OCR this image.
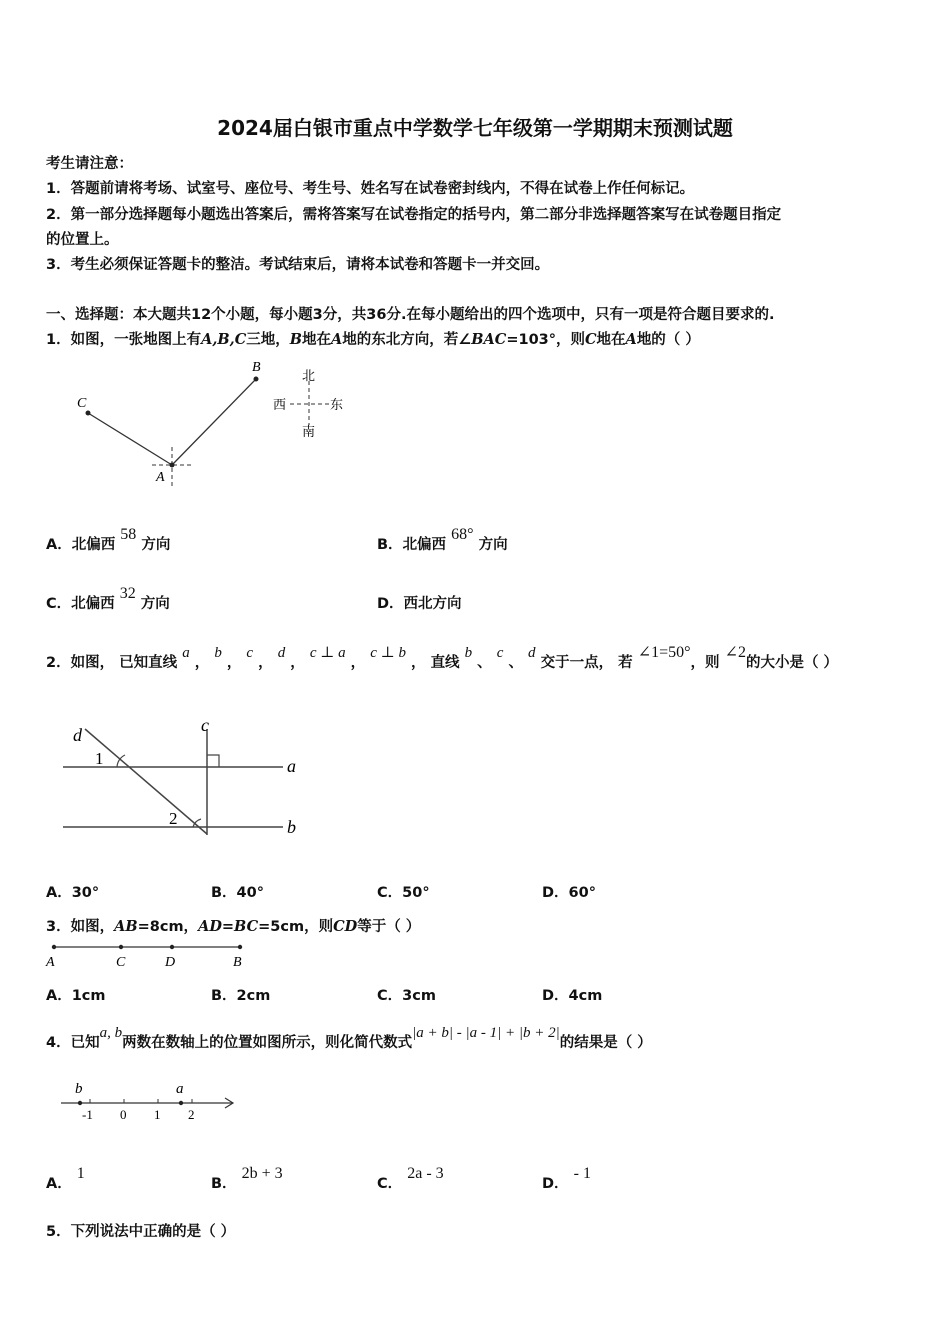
2024届白银市重点中学数学七年级第一学期期末预测试题
考生请注意：
1．答题前请将考场、试室号、座位号、考生号、姓名写在试卷密封线内，不得在试卷上作任何标记。
2．第一部分选择题每小题选出答案后，需将答案写在试卷指定的括号内，第二部分非选择题答案写在试卷题目指定
的位置上。
3．考生必须保证答题卡的整洁。考试结束后，请将本试卷和答题卡一并交回。
一、选择题：本大题共12个小题，每小题3分，共36分.在每小题给出的四个选项中，只有一项是符合题目要求的.
1．如图，一张地图上有A,B,C三地，B地在A地的东北方向，若∠BAC=103°，则C地在A地的（ ）
C
B
A
北
南
西	东
A．北偏西 58 方向	B．北偏西 68° 方向
C．北偏西 32 方向	D．西北方向
2．如图， 已知直线 a ， b ， c ， d ， c ⊥ a ， c ⊥ b ， 直线 b 、 c 、 d 交于一点， 若 ∠1=50°，则 ∠2的大小是（ ）
d	c
a
b
1
2
A．30°	B．40°	C．50°	D．60°
3．如图，AB=8cm，AD=BC=5cm，则CD等于（ ）
A	C	D	B
A．1cm	B．2cm	C．3cm	D．4cm
4．已知a, b两数在数轴上的位置如图所示，则化简代数式|a + b| - |a - 1| + |b + 2|的结果是（ ）
b	a
-1 0 1 2
A． 1
B． 2b + 3
C． 2a - 3
D． - 1
5．下列说法中正确的是（ ）
